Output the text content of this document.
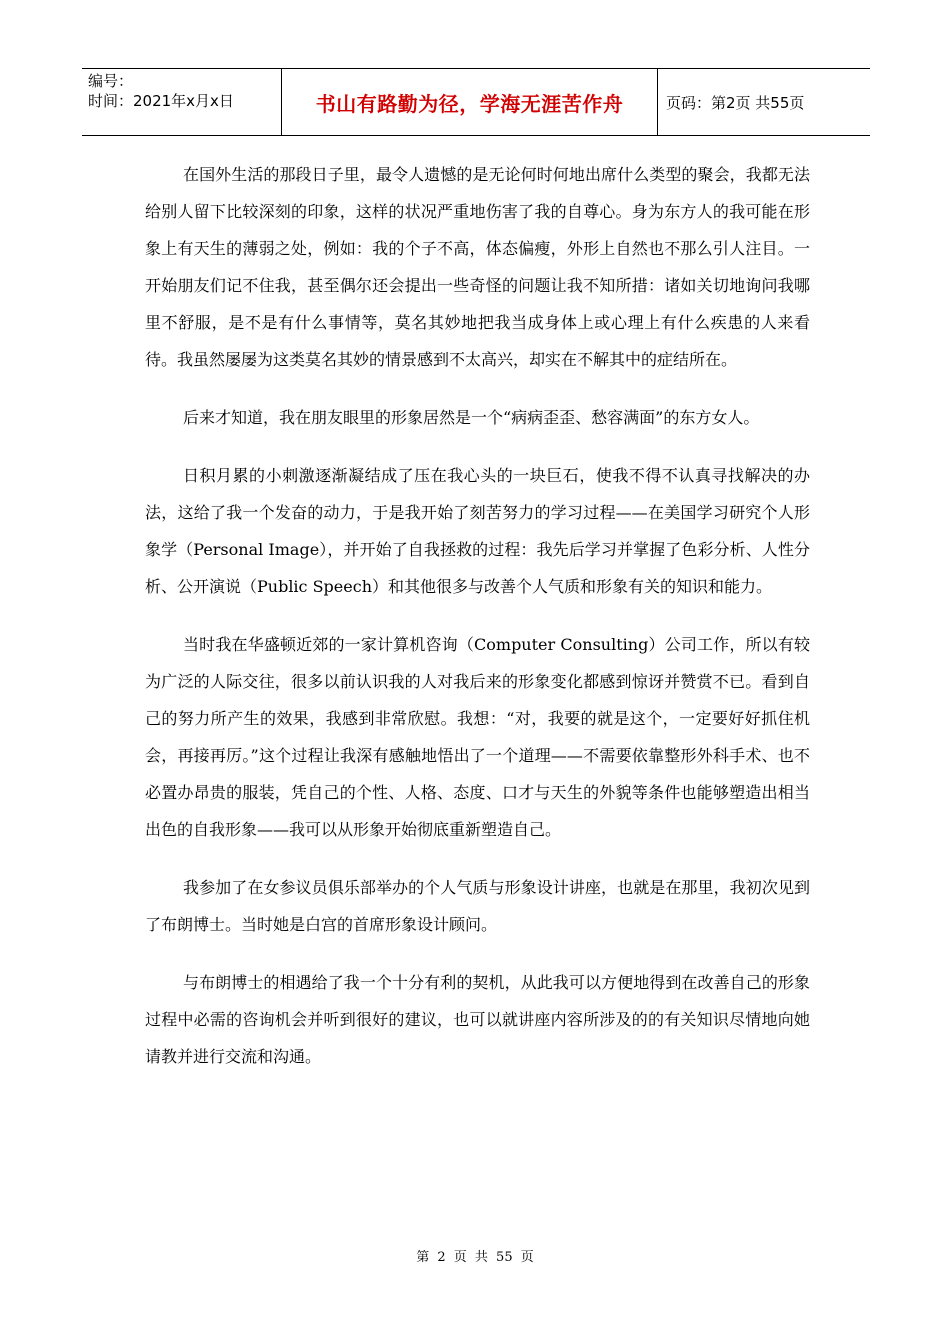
编号：
时间：2021年x月x日	书山有路勤为径，学海无涯苦作舟	页码：第2页 共55页

在国外生活的那段日子里，最令人遗憾的是无论何时何地出席什么类型的聚会，我都无法给别人留下比较深刻的印象，这样的状况严重地伤害了我的自尊心。身为东方人的我可能在形象上有天生的薄弱之处，例如：我的个子不高，体态偏瘦，外形上自然也不那么引人注目。一开始朋友们记不住我，甚至偶尔还会提出一些奇怪的问题让我不知所措：诸如关切地询问我哪里不舒服，是不是有什么事情等，莫名其妙地把我当成身体上或心理上有什么疾患的人来看待。我虽然屡屡为这类莫名其妙的情景感到不太高兴，却实在不解其中的症结所在。

后来才知道，我在朋友眼里的形象居然是一个“病病歪歪、愁容满面”的东方女人。

日积月累的小刺激逐渐凝结成了压在我心头的一块巨石，使我不得不认真寻找解决的办法，这给了我一个发奋的动力，于是我开始了刻苦努力的学习过程——在美国学习研究个人形象学（Personal Image），并开始了自我拯救的过程：我先后学习并掌握了色彩分析、人性分析、公开演说（Public Speech）和其他很多与改善个人气质和形象有关的知识和能力。

当时我在华盛顿近郊的一家计算机咨询（Computer Consulting）公司工作，所以有较为广泛的人际交往，很多以前认识我的人对我后来的形象变化都感到惊讶并赞赏不已。看到自己的努力所产生的效果，我感到非常欣慰。我想：“对，我要的就是这个，一定要好好抓住机会，再接再厉。”这个过程让我深有感触地悟出了一个道理——不需要依靠整形外科手术、也不必置办昂贵的服装，凭自己的个性、人格、态度、口才与天生的外貌等条件也能够塑造出相当出色的自我形象——我可以从形象开始彻底重新塑造自己。

我参加了在女参议员俱乐部举办的个人气质与形象设计讲座，也就是在那里，我初次见到了布朗博士。当时她是白宫的首席形象设计顾问。

与布朗博士的相遇给了我一个十分有利的契机，从此我可以方便地得到在改善自己的形象过程中必需的咨询机会并听到很好的建议，也可以就讲座内容所涉及的的有关知识尽情地向她请教并进行交流和沟通。

第 2 页 共 55 页
